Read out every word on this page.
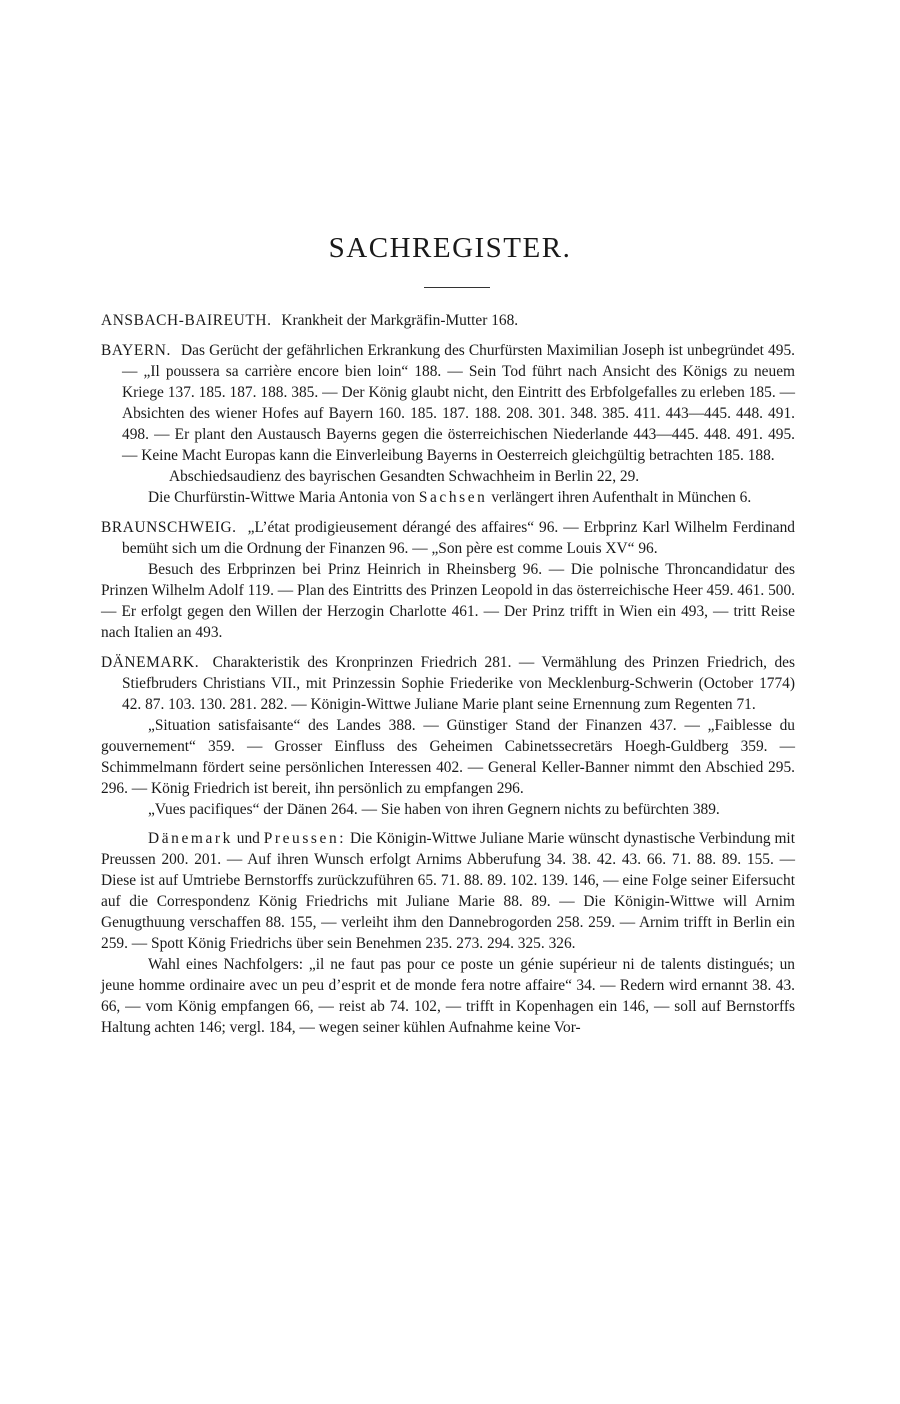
SACHREGISTER.

ANSBACH-BAIREUTH. Krankheit der Markgräfin-Mutter 168.

BAYERN. Das Gerücht der gefährlichen Erkrankung des Churfürsten Maximilian Joseph ist unbegründet 495. — „Il poussera sa carrière encore bien loin“ 188. — Sein Tod führt nach Ansicht des Königs zu neuem Kriege 137. 185. 187. 188. 385. — Der König glaubt nicht, den Eintritt des Erbfolgefalles zu erleben 185. — Absichten des wiener Hofes auf Bayern 160. 185. 187. 188. 208. 301. 348. 385. 411. 443—445. 448. 491. 498. — Er plant den Austausch Bayerns gegen die österreichischen Niederlande 443—445. 448. 491. 495. — Keine Macht Europas kann die Einverleibung Bayerns in Oesterreich gleichgültig betrachten 185. 188.

Abschiedsaudienz des bayrischen Gesandten Schwachheim in Berlin 22, 29.

Die Churfürstin-Wittwe Maria Antonia von Sachsen verlängert ihren Aufenthalt in München 6.

BRAUNSCHWEIG. „L’état prodigieusement dérangé des affaires“ 96. — Erbprinz Karl Wilhelm Ferdinand bemüht sich um die Ordnung der Finanzen 96. — „Son père est comme Louis XV“ 96.

Besuch des Erbprinzen bei Prinz Heinrich in Rheinsberg 96. — Die polnische Throncandidatur des Prinzen Wilhelm Adolf 119. — Plan des Eintritts des Prinzen Leopold in das österreichische Heer 459. 461. 500. — Er erfolgt gegen den Willen der Herzogin Charlotte 461. — Der Prinz trifft in Wien ein 493, — tritt Reise nach Italien an 493.

DÄNEMARK. Charakteristik des Kronprinzen Friedrich 281. — Vermählung des Prinzen Friedrich, des Stiefbruders Christians VII., mit Prinzessin Sophie Friederike von Mecklenburg-Schwerin (October 1774) 42. 87. 103. 130. 281. 282. — Königin-Wittwe Juliane Marie plant seine Ernennung zum Regenten 71.

„Situation satisfaisante“ des Landes 388. — Günstiger Stand der Finanzen 437. — „Faiblesse du gouvernement“ 359. — Grosser Einfluss des Geheimen Cabinetssecretärs Hoegh-Guldberg 359. — Schimmelmann fördert seine persönlichen Interessen 402. — General Keller-Banner nimmt den Abschied 295. 296. — König Friedrich ist bereit, ihn persönlich zu empfangen 296.

„Vues pacifiques“ der Dänen 264. — Sie haben von ihren Gegnern nichts zu befürchten 389.

Dänemark und Preussen: Die Königin-Wittwe Juliane Marie wünscht dynastische Verbindung mit Preussen 200. 201. — Auf ihren Wunsch erfolgt Arnims Abberufung 34. 38. 42. 43. 66. 71. 88. 89. 155. — Diese ist auf Umtriebe Bernstorffs zurückzuführen 65. 71. 88. 89. 102. 139. 146, — eine Folge seiner Eifersucht auf die Correspondenz König Friedrichs mit Juliane Marie 88. 89. — Die Königin-Wittwe will Arnim Genugthuung verschaffen 88. 155, — verleiht ihm den Dannebrogorden 258. 259. — Arnim trifft in Berlin ein 259. — Spott König Friedrichs über sein Benehmen 235. 273. 294. 325. 326.

Wahl eines Nachfolgers: „il ne faut pas pour ce poste un génie supérieur ni de talents distingués; un jeune homme ordinaire avec un peu d’esprit et de monde fera notre affaire“ 34. — Redern wird ernannt 38. 43. 66, — vom König empfangen 66, — reist ab 74. 102, — trifft in Kopenhagen ein 146, — soll auf Bernstorffs Haltung achten 146; vergl. 184, — wegen seiner kühlen Aufnahme keine Vor-
